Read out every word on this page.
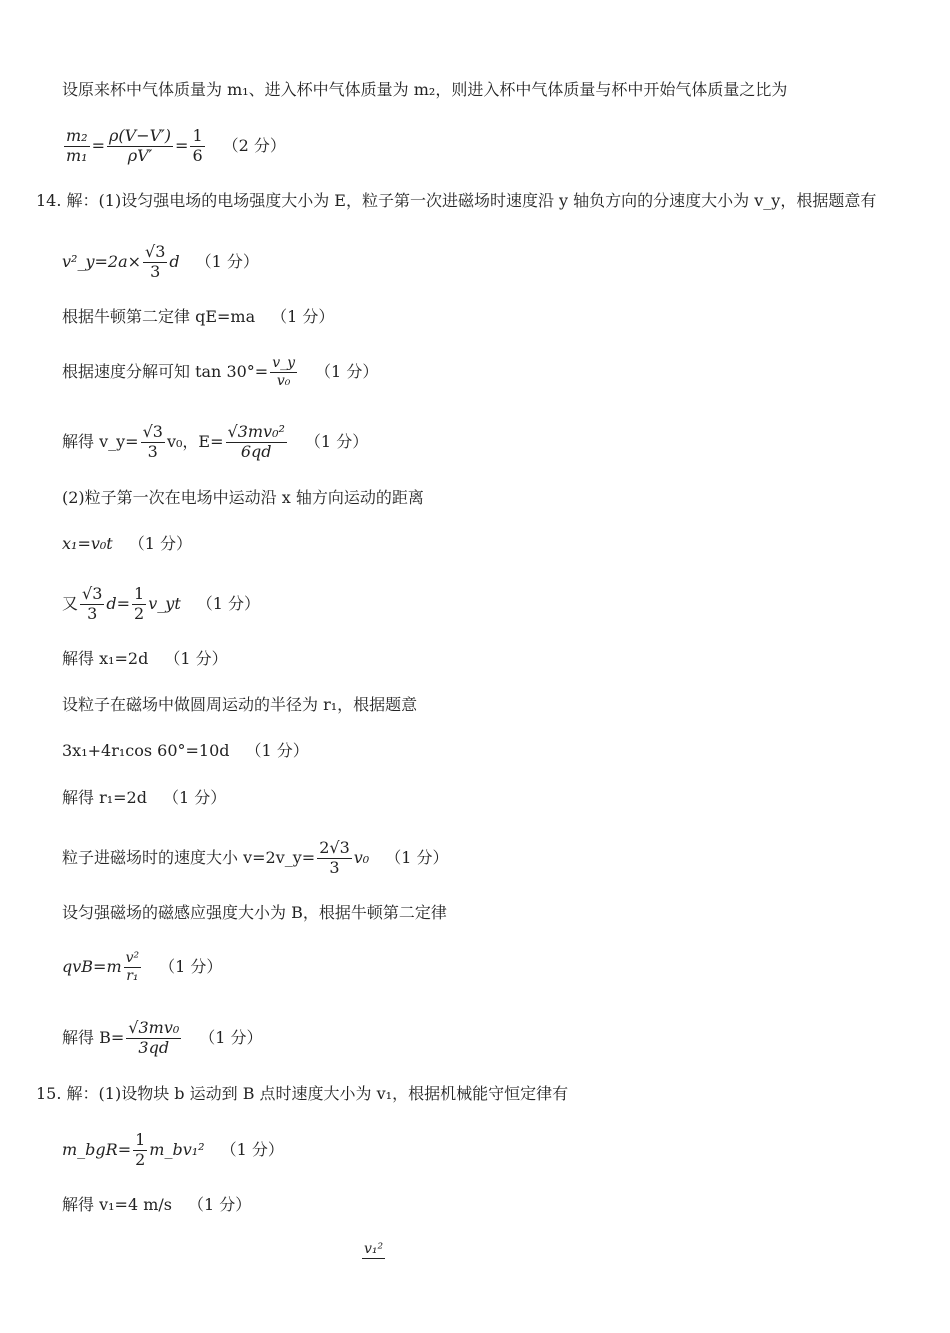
设原来杯中气体质量为 m₁、进入杯中气体质量为 m₂，则进入杯中气体质量与杯中开始气体质量之比为
$\frac{\text{m₂}}{\text{m₁}} = \frac{\rho(V-V')}{\rho V'} = \frac{1}{6} (2$ 分）
14. 解：(1)设匀强电场的电场强度大小为 E，粒子第一次进磁场时速度沿 y 轴负方向的分速度大小为 v_y，根据题意有
v²_y=2a× $\frac{√3}{3}$ d （1 分）
根据牛顿第二定律 qE=ma （1 分）
根据速度分解可知 $\tan 30^\circ= \frac{v\_y}{\text{v₀}} (1$ 分）
解得 v_y= $\frac{√3}{3} v_0$，$E= \frac{\text{√3mv₀²}}{6qd} (1$ 分）
(2)粒子第一次在电场中运动沿 x 轴方向运动的距离
x₁=v₀t （1 分）
又 $\frac{√3}{3} d= \frac{1}{2}$ v_yt （1 分）
解得 x₁=2d （1 分）
设粒子在磁场中做圆周运动的半径为 r₁，根据题意
3x₁+4r₁cos 60°=10d （1 分）
解得 r₁=2d （1 分）
粒子进磁场时的速度大小 v=2v_y= $\frac{2√3}{3} v_0$ （1 分）
设匀强磁场的磁感应强度大小为 B，根据牛顿第二定律
$qvB=m \frac{\text{v²}}{\text{r₁}} (1$ 分）
解得 $B= \frac{\text{√3mv₀}}{3qd} (1$ 分）
15. 解：(1)设物块 b 运动到 B 点时速度大小为 v₁，根据机械能守恒定律有
m_bgR= $\frac{1}{2}$ m_bv₁² （1 分）
解得 v₁=4 m/s （1 分）
v₁²
